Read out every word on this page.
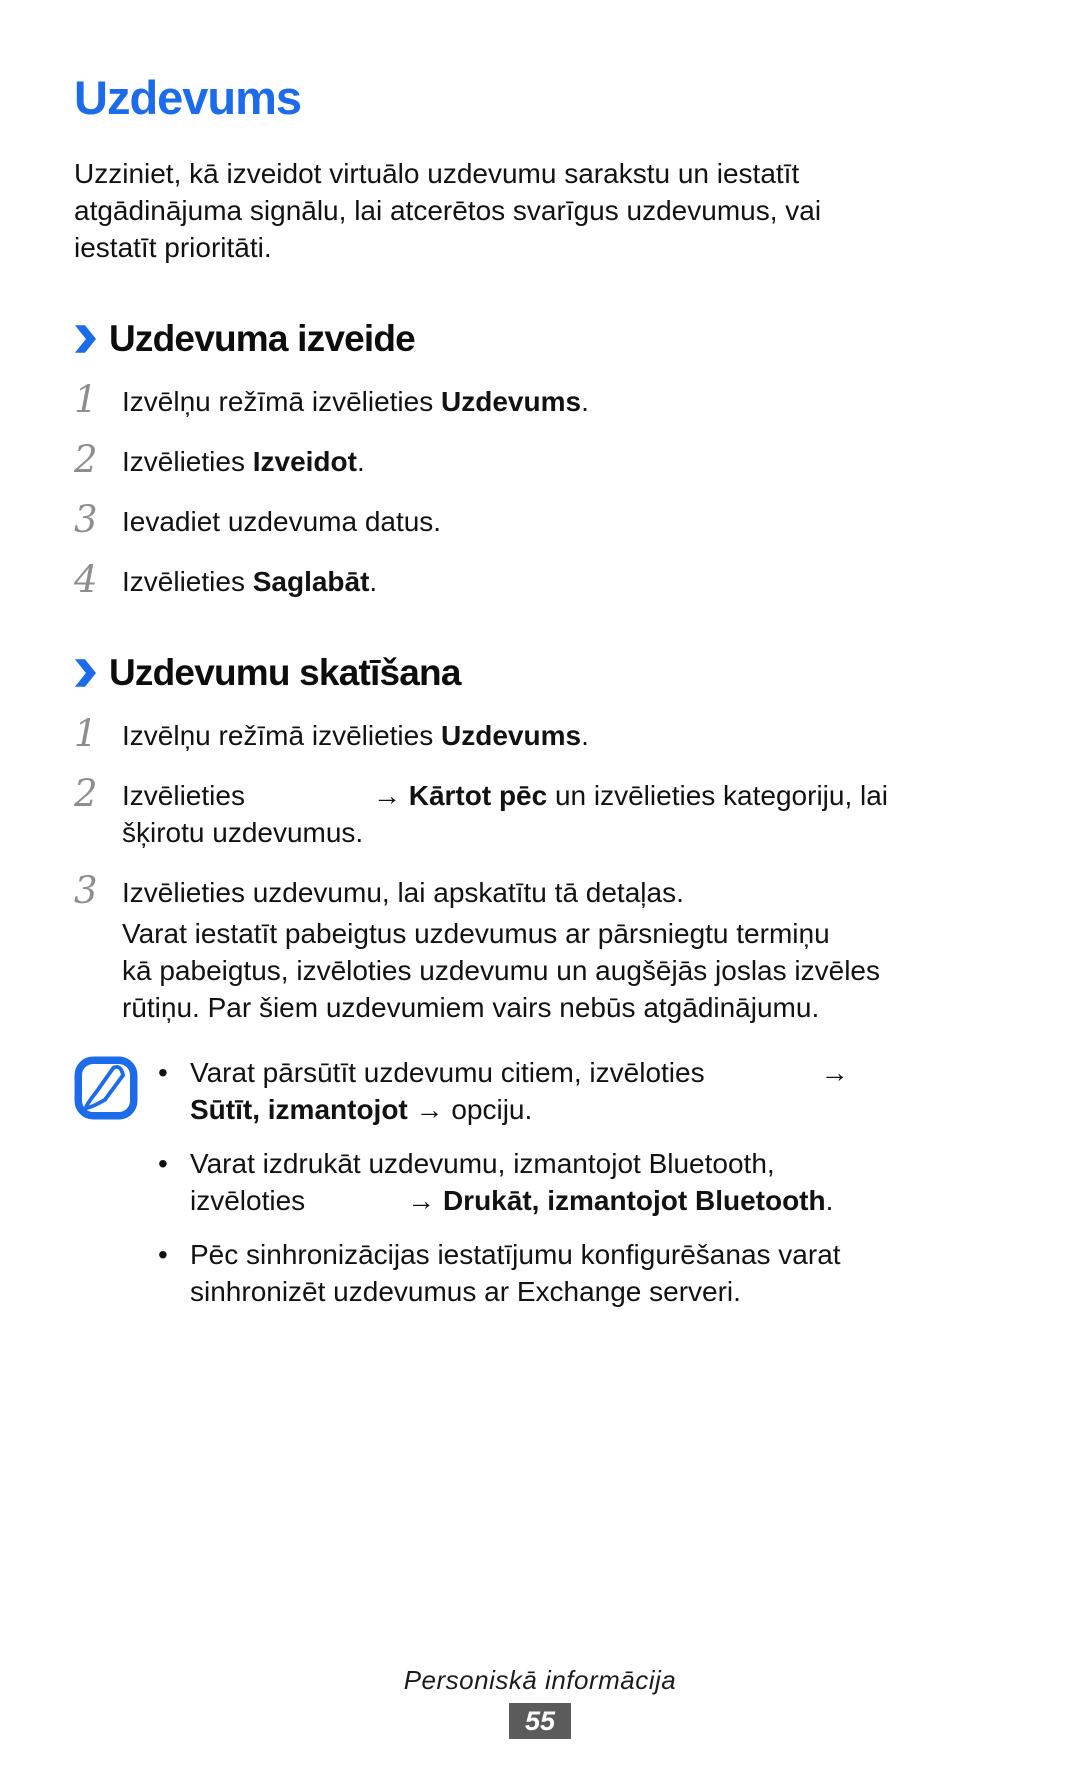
Uzdevums
Uzziniet, kā izveidot virtuālo uzdevumu sarakstu un iestatīt
atgādinājuma signālu, lai atcerētos svarīgus uzdevumus, vai
iestatīt prioritāti.
Uzdevuma izveide
1 Izvēlņu režīmā izvēlieties Uzdevums.
2 Izvēlieties Izveidot.
3 Ievadiet uzdevuma datus.
4 Izvēlieties Saglabāt.
Uzdevumu skatīšana
1 Izvēlņu režīmā izvēlieties Uzdevums.
2 Izvēlieties	→ Kārtot pēc un izvēlieties kategoriju, lai
šķirotu uzdevumus.
3 Izvēlieties uzdevumu, lai apskatītu tā detaļas.
Varat iestatīt pabeigtus uzdevumus ar pārsniegtu termiņu
kā pabeigtus, izvēloties uzdevumu un augšējās joslas izvēles
rūtiņu. Par šiem uzdevumiem vairs nebūs atgādinājumu.
• Varat pārsūtīt uzdevumu citiem, izvēloties	→
Sūtīt, izmantojot → opciju.
• Varat izdrukāt uzdevumu, izmantojot Bluetooth,
izvēloties	→ Drukāt, izmantojot Bluetooth.
• Pēc sinhronizācijas iestatījumu konfigurēšanas varat
sinhronizēt uzdevumus ar Exchange serveri.
Personiskā informācija
55
